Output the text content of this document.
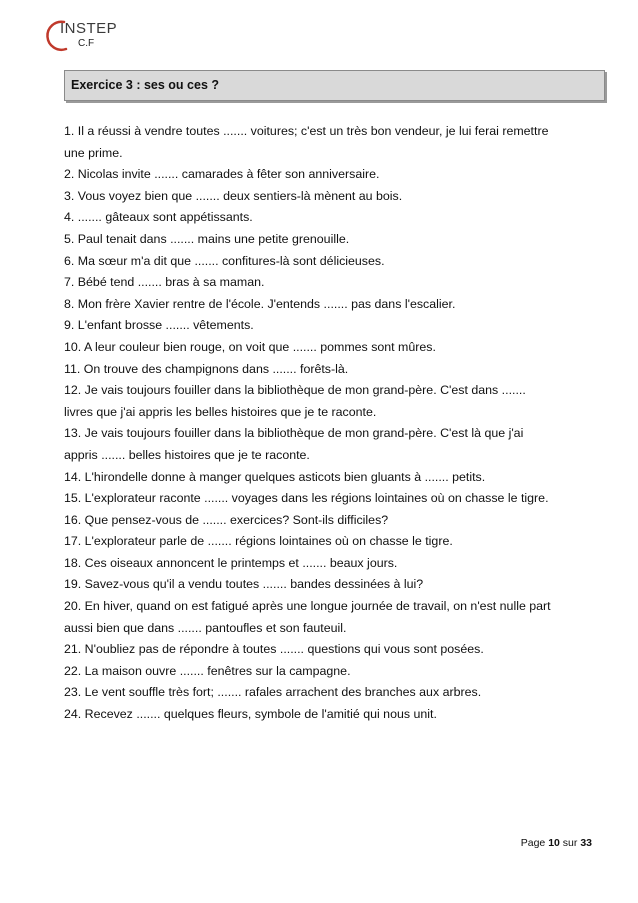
INSTEP
C.F
Exercice 3 : ses ou ces ?
1. Il a réussi à vendre toutes ....... voitures; c'est un très bon vendeur, je lui ferai remettre
une prime.
2. Nicolas invite ....... camarades à fêter son anniversaire.
3. Vous voyez bien que ....... deux sentiers-là mènent au bois.
4. ....... gâteaux sont appétissants.
5. Paul tenait dans ....... mains une petite grenouille.
6. Ma sœur m'a dit que ....... confitures-là sont délicieuses.
7. Bébé tend ....... bras à sa maman.
8. Mon frère Xavier rentre de l'école. J'entends ....... pas dans l'escalier.
9. L'enfant brosse ....... vêtements.
10. A leur couleur bien rouge, on voit que ....... pommes sont mûres.
11. On trouve des champignons dans ....... forêts-là.
12. Je vais toujours fouiller dans la bibliothèque de mon grand-père. C'est dans .......
livres que j'ai appris les belles histoires que je te raconte.
13. Je vais toujours fouiller dans la bibliothèque de mon grand-père. C'est là que j'ai
appris ....... belles histoires que je te raconte.
14. L'hirondelle donne à manger quelques asticots bien gluants à ....... petits.
15. L'explorateur raconte ....... voyages dans les régions lointaines où on chasse le tigre.
16. Que pensez-vous de ....... exercices? Sont-ils difficiles?
17. L'explorateur parle de ....... régions lointaines où on chasse le tigre.
18. Ces oiseaux annoncent le printemps et ....... beaux jours.
19. Savez-vous qu'il a vendu toutes ....... bandes dessinées à lui?
20. En hiver, quand on est fatigué après une longue journée de travail, on n'est nulle part
aussi bien que dans ....... pantoufles et son fauteuil.
21. N'oubliez pas de répondre à toutes ....... questions qui vous sont posées.
22. La maison ouvre ....... fenêtres sur la campagne.
23. Le vent souffle très fort; ....... rafales arrachent des branches aux arbres.
24. Recevez ....... quelques fleurs, symbole de l'amitié qui nous unit.
Page 10 sur 33
